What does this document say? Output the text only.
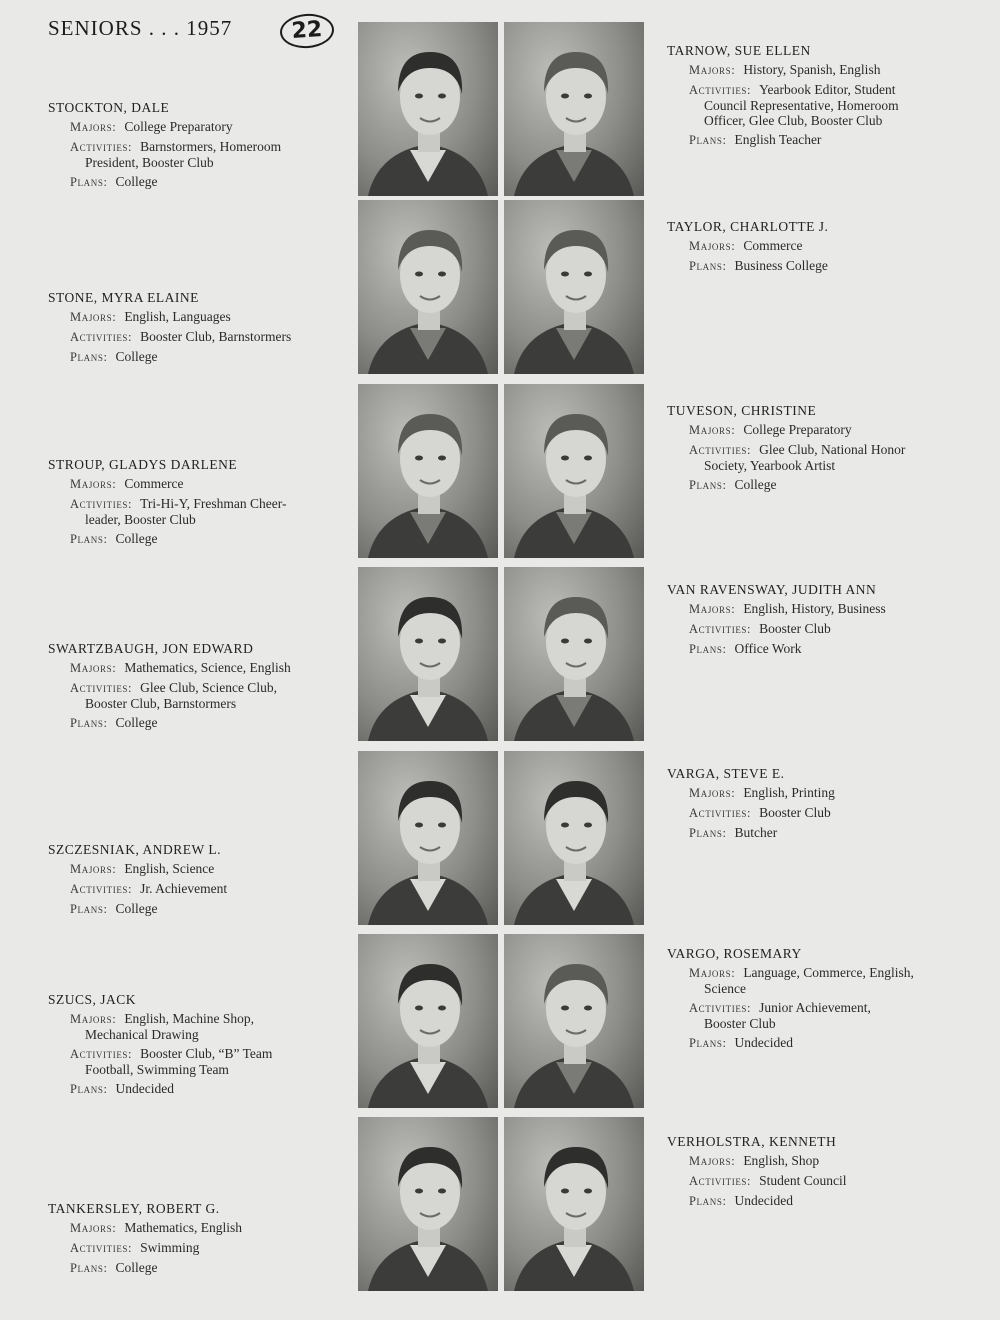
SENIORS . . . 1957	22
STOCKTON, DALE
Majors: College Preparatory
Activities: Barnstormers, Homeroom
President, Booster Club
Plans: College
STONE, MYRA ELAINE
Majors: English, Languages
Activities: Booster Club, Barnstormers
Plans: College
STROUP, GLADYS DARLENE
Majors: Commerce
Activities: Tri-Hi-Y, Freshman Cheer-
leader, Booster Club
Plans: College
SWARTZBAUGH, JON EDWARD
Majors: Mathematics, Science, English
Activities: Glee Club, Science Club,
Booster Club, Barnstormers
Plans: College
SZCZESNIAK, ANDREW L.
Majors: English, Science
Activities: Jr. Achievement
Plans: College
SZUCS, JACK
Majors: English, Machine Shop,
Mechanical Drawing
Activities: Booster Club, “B” Team
Football, Swimming Team
Plans: Undecided
TANKERSLEY, ROBERT G.
Majors: Mathematics, English
Activities: Swimming
Plans: College
TARNOW, SUE ELLEN
Majors: History, Spanish, English
Activities: Yearbook Editor, Student
Council Representative, Homeroom
Officer, Glee Club, Booster Club
Plans: English Teacher
TAYLOR, CHARLOTTE J.
Majors: Commerce
Plans: Business College
TUVESON, CHRISTINE
Majors: College Preparatory
Activities: Glee Club, National Honor
Society, Yearbook Artist
Plans: College
VAN RAVENSWAY, JUDITH ANN
Majors: English, History, Business
Activities: Booster Club
Plans: Office Work
VARGA, STEVE E.
Majors: English, Printing
Activities: Booster Club
Plans: Butcher
VARGO, ROSEMARY
Majors: Language, Commerce, English,
Science
Activities: Junior Achievement,
Booster Club
Plans: Undecided
VERHOLSTRA, KENNETH
Majors: English, Shop
Activities: Student Council
Plans: Undecided
